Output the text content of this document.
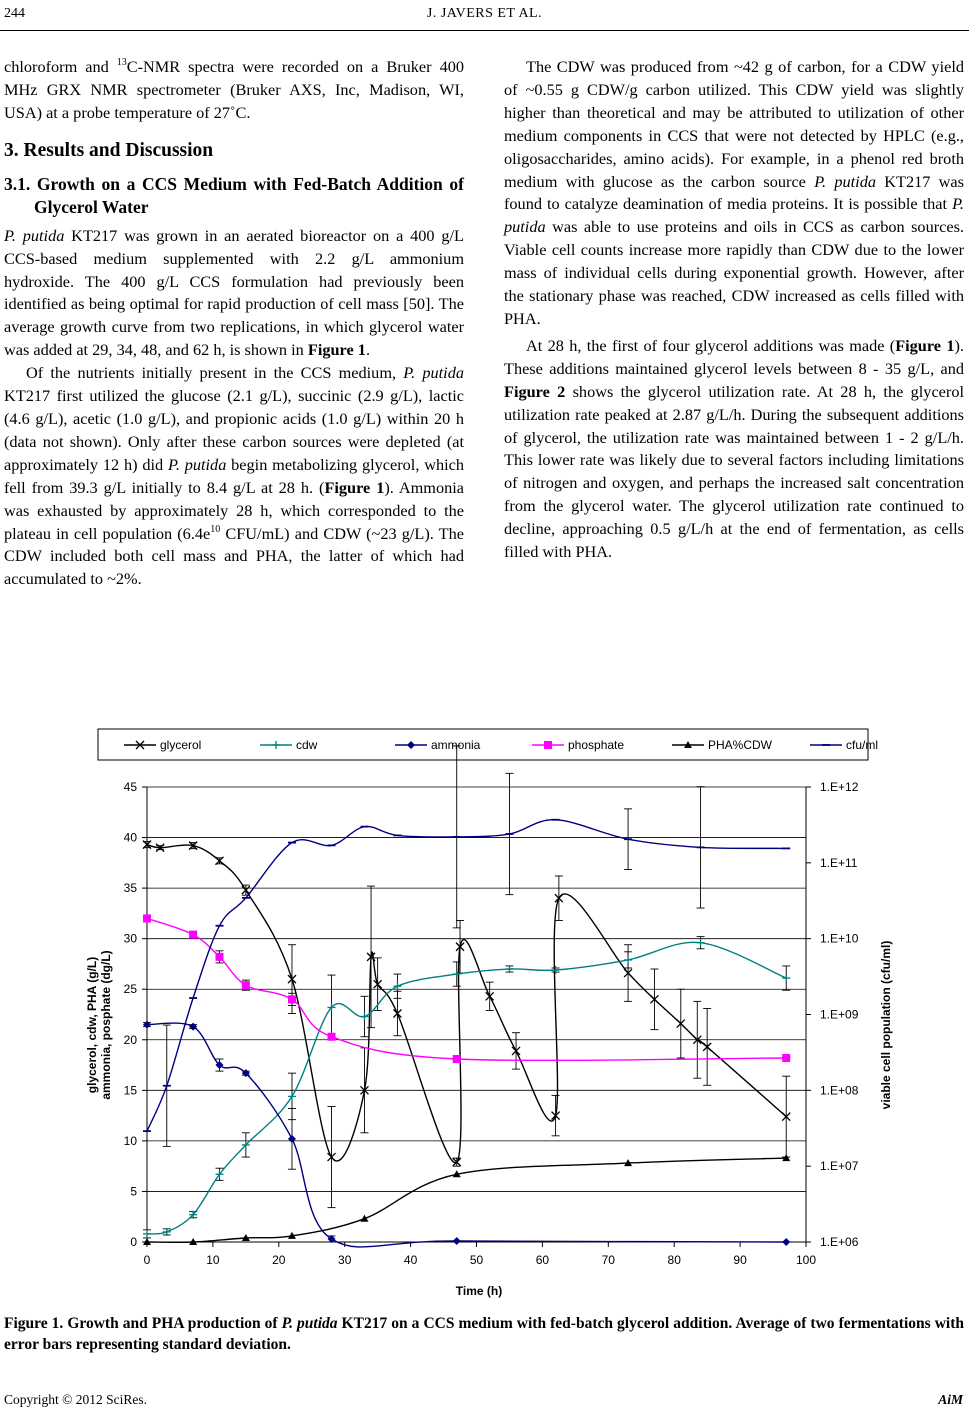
244	J. JAVERS ET AL.

chloroform and $^{13}$C-NMR spectra were recorded on a Bruker 400 MHz GRX NMR spectrometer (Bruker AXS, Inc, Madison, WI, USA) at a probe temperature of 27˚C.

3. Results and Discussion
3.1. Growth on a CCS Medium with Fed-Batch Addition of Glycerol Water

P. putida KT217 was grown in an aerated bioreactor on a 400 g/L CCS-based medium supplemented with 2.2 g/L ammonium hydroxide. The 400 g/L CCS formulation had previously been identified as being optimal for rapid production of cell mass [50]. The average growth curve from two replications, in which glycerol water was added at 29, 34, 48, and 62 h, is shown in Figure 1.

Of the nutrients initially present in the CCS medium, P. putida KT217 first utilized the glucose (2.1 g/L), succinic (2.9 g/L), lactic (4.6 g/L), acetic (1.0 g/L), and propionic acids (1.0 g/L) within 20 h (data not shown). Only after these carbon sources were depleted (at approximately 12 h) did P. putida begin metabolizing glycerol, which fell from 39.3 g/L initially to 8.4 g/L at 28 h. (Figure 1). Ammonia was exhausted by approximately 28 h, which corresponded to the plateau in cell population ($6.4e^{10}$ CFU/mL) and CDW (~23 g/L). The CDW included both cell mass and PHA, the latter of which had accumulated to ~2%.

The CDW was produced from ~42 g of carbon, for a CDW yield of ~0.55 g CDW/g carbon utilized. This CDW yield was slightly higher than theoretical and may be attributed to utilization of other medium components in CCS that were not detected by HPLC (e.g., oligosaccharides, amino acids). For example, in a phenol red broth medium with glucose as the carbon source P. putida KT217 was found to catalyze deamination of media proteins. It is possible that P. putida was able to use proteins and oils in CCS as carbon sources. Viable cell counts increase more rapidly than CDW due to the lower mass of individual cells during exponential growth. However, after the stationary phase was reached, CDW increased as cells filled with PHA.

At 28 h, the first of four glycerol additions was made (Figure 1). These additions maintained glycerol levels between 8 - 35 g/L, and Figure 2 shows the glycerol utilization rate. At 28 h, the glycerol utilization rate peaked at 2.87 g/L/h. During the subsequent additions of glycerol, the utilization rate was maintained between 1 - 2 g/L/h. This lower rate was likely due to several factors including limitations of nitrogen and oxygen, and perhaps the increased salt concentration from the glycerol water. The glycerol utilization rate continued to decline, approaching 0.5 g/L/h at the end of fermentation, as cells filled with PHA.

glycerol	cdw	ammonia	phosphate	PHA%CDW	cfu/ml
0
5
10
15
20
25
30
35
40
45
1.E+06
1.E+07
1.E+08
1.E+09
1.E+10
1.E+11
1.E+12
0	10	20	30	40	50	60	70	80	90	100
Time (h)
glycerol, cdw, PHA (g/L) ammonia, posphate (dg/L)	viable cell population (cfu/ml)
Figure 1. Growth and PHA production of P. putida KT217 on a CCS medium with fed-batch glycerol addition. Average of two fermentations with error bars representing standard deviation.
Copyright © 2012 SciRes.	AiM
